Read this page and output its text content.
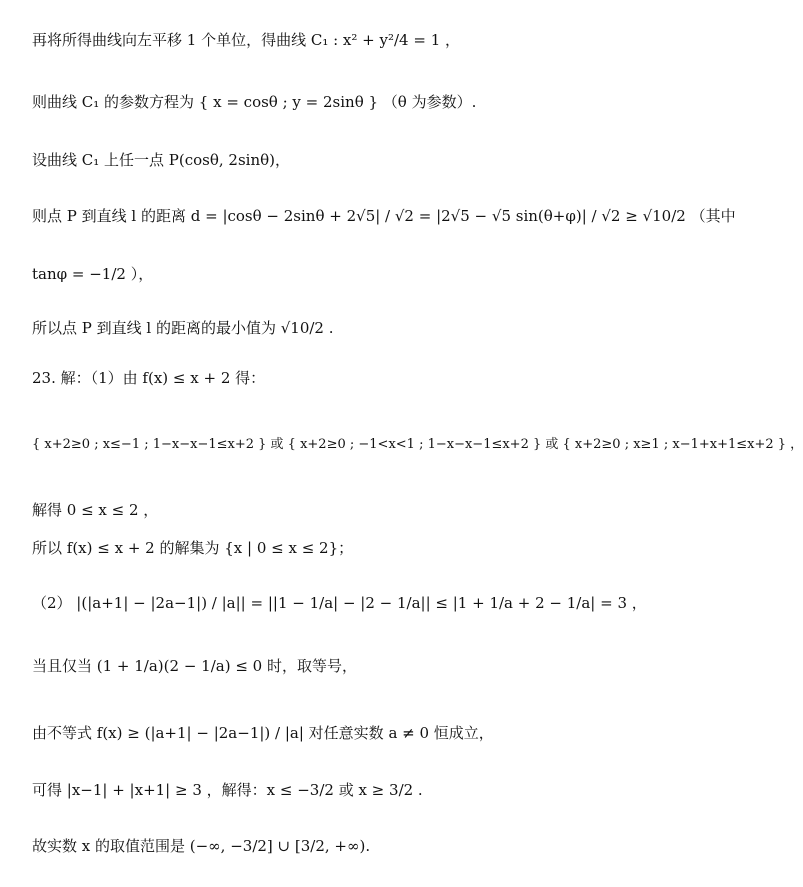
再将所得曲线向左平移 1 个单位，得曲线 C₁ : x² + y²/4 = 1 ，
则曲线 C₁ 的参数方程为 { x = cosθ ; y = 2sinθ } （θ 为参数）.
设曲线 C₁ 上任一点 P(cosθ, 2sinθ)，
则点 P 到直线 l 的距离 d = |cosθ − 2sinθ + 2√5| / √2 = |2√5 − √5 sin(θ+φ)| / √2 ≥ √10/2 （其中
tanφ = −1/2 ），
所以点 P 到直线 l 的距离的最小值为 √10/2 .
23. 解：（1）由 f(x) ≤ x + 2 得：
{ x+2≥0 ; x≤−1 ; 1−x−x−1≤x+2 } 或 { x+2≥0 ; −1<x<1 ; 1−x−x−1≤x+2 } 或 { x+2≥0 ; x≥1 ; x−1+x+1≤x+2 } ，
解得 0 ≤ x ≤ 2 ，
所以 f(x) ≤ x + 2 的解集为 {x | 0 ≤ x ≤ 2}；
（2） |(|a+1| − |2a−1|) / |a|| = ||1 − 1/a| − |2 − 1/a|| ≤ |1 + 1/a + 2 − 1/a| = 3 ，
当且仅当 (1 + 1/a)(2 − 1/a) ≤ 0 时，取等号，
由不等式 f(x) ≥ (|a+1| − |2a−1|) / |a| 对任意实数 a ≠ 0 恒成立，
可得 |x−1| + |x+1| ≥ 3 ，解得：x ≤ −3/2 或 x ≥ 3/2 .
故实数 x 的取值范围是 (−∞, −3/2] ∪ [3/2, +∞).
